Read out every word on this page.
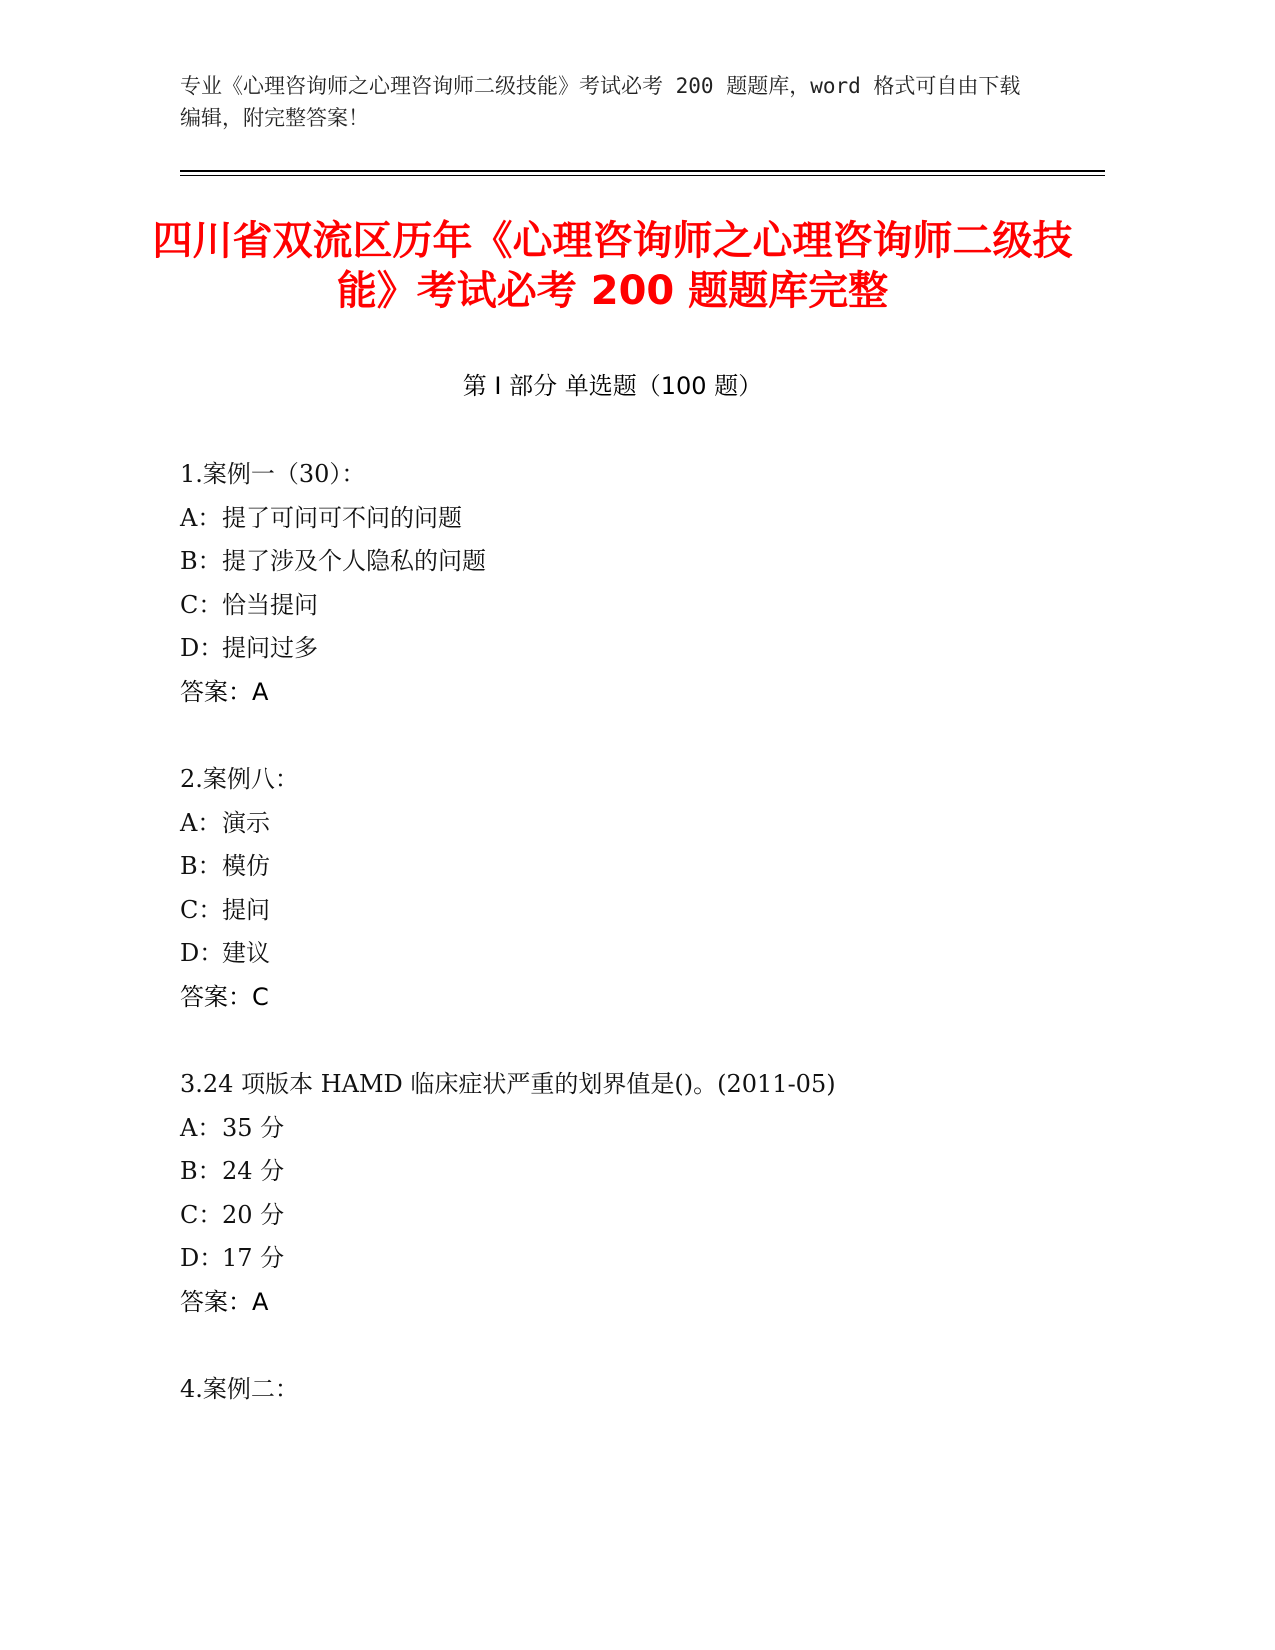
专业《心理咨询师之心理咨询师二级技能》考试必考 200 题题库，word 格式可自由下载编辑，附完整答案！
四川省双流区历年《心理咨询师之心理咨询师二级技能》考试必考 200 题题库完整
第 I 部分 单选题（100 题）
1.案例一（30）：
A：提了可问可不问的问题
B：提了涉及个人隐私的问题
C：恰当提问
D：提问过多
答案：A
2.案例八：
A：演示
B：模仿
C：提问
D：建议
答案：C
3.24 项版本 HAMD 临床症状严重的划界值是()。(2011-05)
A：35 分
B：24 分
C：20 分
D：17 分
答案：A
4.案例二：
